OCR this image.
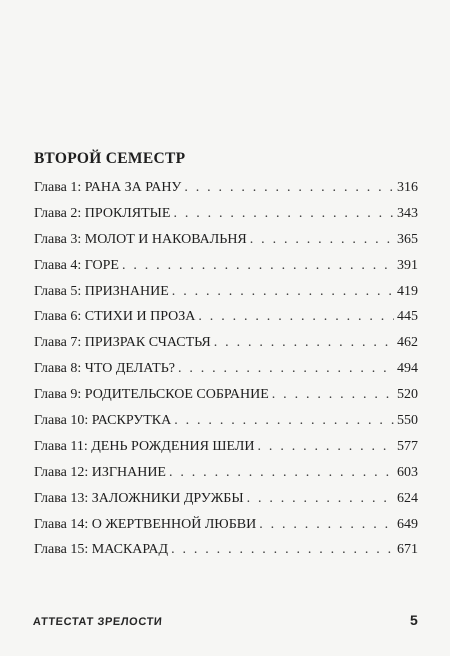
ВТОРОЙ СЕМЕСТР
Глава 1: РАНА ЗА РАНУ . . .	316
Глава 2: ПРОКЛЯТЫЕ . . .	343
Глава 3: МОЛОТ И НАКОВАЛЬНЯ . . .	365
Глава 4: ГОРЕ . . .	391
Глава 5: ПРИЗНАНИЕ . . .	419
Глава 6: СТИХИ И ПРОЗА . . .	445
Глава 7: ПРИЗРАК СЧАСТЬЯ . . .	462
Глава 8: ЧТО ДЕЛАТЬ? . . .	494
Глава 9: РОДИТЕЛЬСКОЕ СОБРАНИЕ . . .	520
Глава 10: РАСКРУТКА . . .	550
Глава 11: ДЕНЬ РОЖДЕНИЯ ШЕЛИ . . .	577
Глава 12: ИЗГНАНИЕ . . .	603
Глава 13: ЗАЛОЖНИКИ ДРУЖБЫ . . .	624
Глава 14: О ЖЕРТВЕННОЙ ЛЮБВИ . . .	649
Глава 15: МАСКАРАД . . .	671
АТТЕСТАТ ЗРЕЛОСТИ	5
